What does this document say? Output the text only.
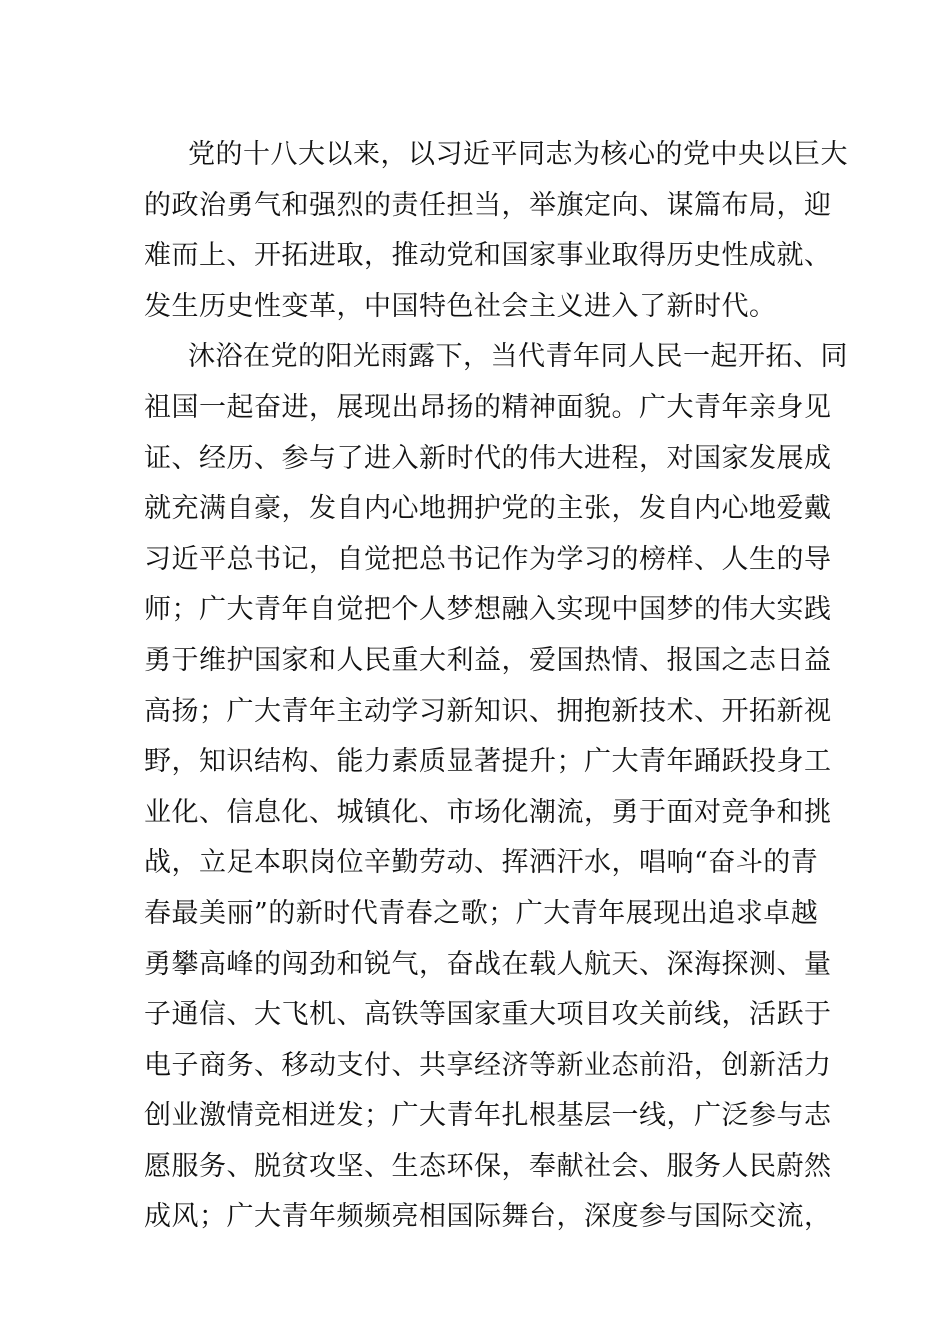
党的十八大以来，以习近平同志为核心的党中央以巨大
的政治勇气和强烈的责任担当，举旗定向、谋篇布局，迎
难而上、开拓进取，推动党和国家事业取得历史性成就、
发生历史性变革，中国特色社会主义进入了新时代。
沐浴在党的阳光雨露下，当代青年同人民一起开拓、同
祖国一起奋进，展现出昂扬的精神面貌。广大青年亲身见
证、经历、参与了进入新时代的伟大进程，对国家发展成
就充满自豪，发自内心地拥护党的主张，发自内心地爱戴
习近平总书记，自觉把总书记作为学习的榜样、人生的导
师；广大青年自觉把个人梦想融入实现中国梦的伟大实践
勇于维护国家和人民重大利益，爱国热情、报国之志日益
高扬；广大青年主动学习新知识、拥抱新技术、开拓新视
野，知识结构、能力素质显著提升；广大青年踊跃投身工
业化、信息化、城镇化、市场化潮流，勇于面对竞争和挑
战，立足本职岗位辛勤劳动、挥洒汗水，唱响“奋斗的青
春最美丽”的新时代青春之歌；广大青年展现出追求卓越
勇攀高峰的闯劲和锐气，奋战在载人航天、深海探测、量
子通信、大飞机、高铁等国家重大项目攻关前线，活跃于
电子商务、移动支付、共享经济等新业态前沿，创新活力
创业激情竞相迸发；广大青年扎根基层一线，广泛参与志
愿服务、脱贫攻坚、生态环保，奉献社会、服务人民蔚然
成风；广大青年频频亮相国际舞台，深度参与国际交流，
